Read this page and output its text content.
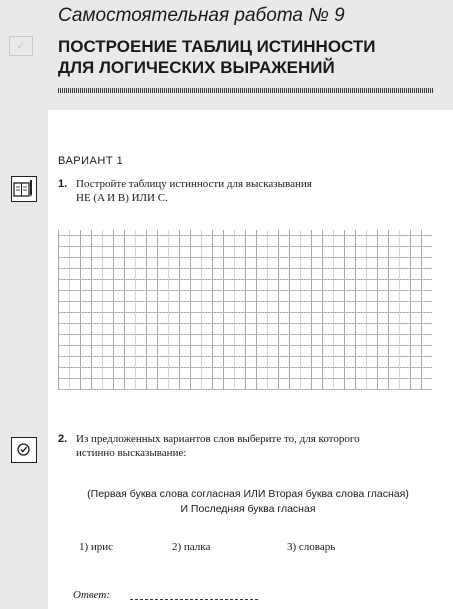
✓
Самостоятельная работа № 9
ПОСТРОЕНИЕ ТАБЛИЦ ИСТИННОСТИ
ДЛЯ ЛОГИЧЕСКИХ ВЫРАЖЕНИЙ
ВАРИАНТ 1
1. Постройте таблицу истинности для высказывания
НЕ (A И B) ИЛИ C.
2. Из предложенных вариантов слов выберите то, для которого
истинно высказывание:
(Первая буква слова согласная ИЛИ Вторая буква слова гласная)
И Последняя буква гласная
1) ирис	2) палка	3) словарь
Ответ:
